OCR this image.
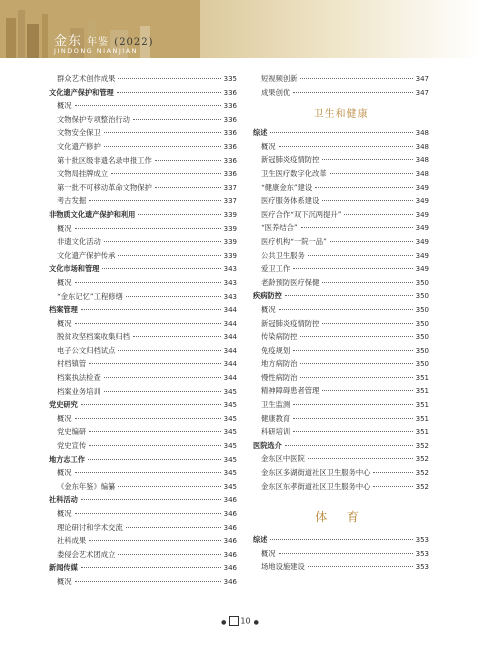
金东 年鉴 (2022)
JINDONG NIANJIAN
群众艺术创作成果	335
文化遗产保护和管理	336
概况	336
文物保护专项整治行动	336
文物安全保卫	336
文化遗产修护	336
第十批区级非遗名录申报工作	336
文物局挂牌成立	336
第一批不可移动革命文物保护	337
考古发掘	337
非物质文化遗产保护和利用	339
概况	339
非遗文化活动	339
文化遗产保护传承	339
文化市场和管理	343
概况	343
“金东记忆”工程修缮	343
档案管理	344
概况	344
脱贫攻坚档案收集归档	344
电子公文归档试点	344
村档镇管	344
档案执法检查	344
档案业务培训	345
党史研究	345
概况	345
党史编研	345
党史宣传	345
地方志工作	345
概况	345
《金东年鉴》编纂	345
社科活动	346
概况	346
理论研讨和学术交流	346
社科成果	346
娄侵会艺术团成立	346
新闻传媒	346
概况	346
短视频创新	347
成果创优	347
卫生和健康
综述	348
概况	348
新冠肺炎疫情防控	348
卫生医疗数字化改革	348
“健康金东”建设	349
医疗服务体系建设	349
医疗合作“双下沉两提升”	349
“医养结合”	349
医疗机构“一院一品”	349
公共卫生服务	349
爱卫工作	349
老龄预防医疗保健	350
疾病防控	350
概况	350
新冠肺炎疫情防控	350
传染病防控	350
免疫规划	350
地方病防治	350
慢性病防治	351
精神障碍患者管理	351
卫生监测	351
健康教育	351
科研培训	351
医院选介	352
金东区中医院	352
金东区多湖街道社区卫生服务中心	352
金东区东孝街道社区卫生服务中心	352
体 育
综述	353
概况	353
场地设施建设	353
● 10 ●
